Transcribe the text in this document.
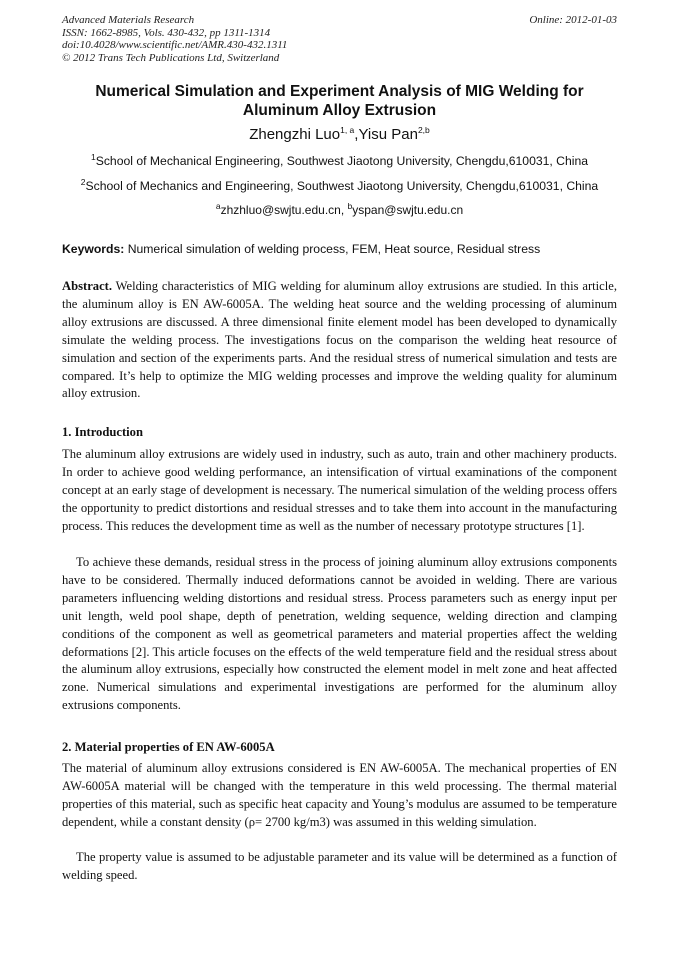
Advanced Materials Research
ISSN: 1662-8985, Vols. 430-432, pp 1311-1314
doi:10.4028/www.scientific.net/AMR.430-432.1311
© 2012 Trans Tech Publications Ltd, Switzerland
Online: 2012-01-03
Numerical Simulation and Experiment Analysis of MIG Welding for
Aluminum Alloy Extrusion
Zhengzhi Luo$^{1, a}$,Yisu Pan$^{2,b}$
$^1$School of Mechanical Engineering, Southwest Jiaotong University, Chengdu,610031, China
$^2$School of Mechanics and Engineering, Southwest Jiaotong University, Chengdu,610031, China
$^a$zhzhluo@swjtu.edu.cn, $^b$yspan@swjtu.edu.cn
Keywords: Numerical simulation of welding process, FEM, Heat source, Residual stress
Abstract. Welding characteristics of MIG welding for aluminum alloy extrusions are studied. In this article, the aluminum alloy is EN AW-6005A. The welding heat source and the welding processing of aluminum alloy extrusions are discussed. A three dimensional finite element model has been developed to dynamically simulate the welding process. The investigations focus on the comparison the welding heat resource of simulation and section of the experiments parts. And the residual stress of numerical simulation and tests are compared. It’s help to optimize the MIG welding processes and improve the welding quality for aluminum alloy extrusion.
1. Introduction
The aluminum alloy extrusions are widely used in industry, such as auto, train and other machinery products. In order to achieve good welding performance, an intensification of virtual examinations of the component concept at an early stage of development is necessary. The numerical simulation of the welding process offers the opportunity to predict distortions and residual stresses and to take them into account in the manufacturing process. This reduces the development time as well as the number of necessary prototype structures [1].
To achieve these demands, residual stress in the process of joining aluminum alloy extrusions components have to be considered. Thermally induced deformations cannot be avoided in welding. There are various parameters influencing welding distortions and residual stress. Process parameters such as energy input per unit length, weld pool shape, depth of penetration, welding sequence, welding direction and clamping conditions of the component as well as geometrical parameters and material properties affect the welding deformations [2]. This article focuses on the effects of the weld temperature field and the residual stress about the aluminum alloy extrusions, especially how constructed the element model in melt zone and heat affected zone. Numerical simulations and experimental investigations are performed for the aluminum alloy extrusions components.
2. Material properties of EN AW-6005A
The material of aluminum alloy extrusions considered is EN AW-6005A. The mechanical properties of EN AW-6005A material will be changed with the temperature in this weld processing. The thermal material properties of this material, such as specific heat capacity and Young’s modulus are assumed to be temperature dependent, while a constant density (ρ= 2700 kg/m3) was assumed in this welding simulation.
The property value is assumed to be adjustable parameter and its value will be determined as a function of welding speed.
